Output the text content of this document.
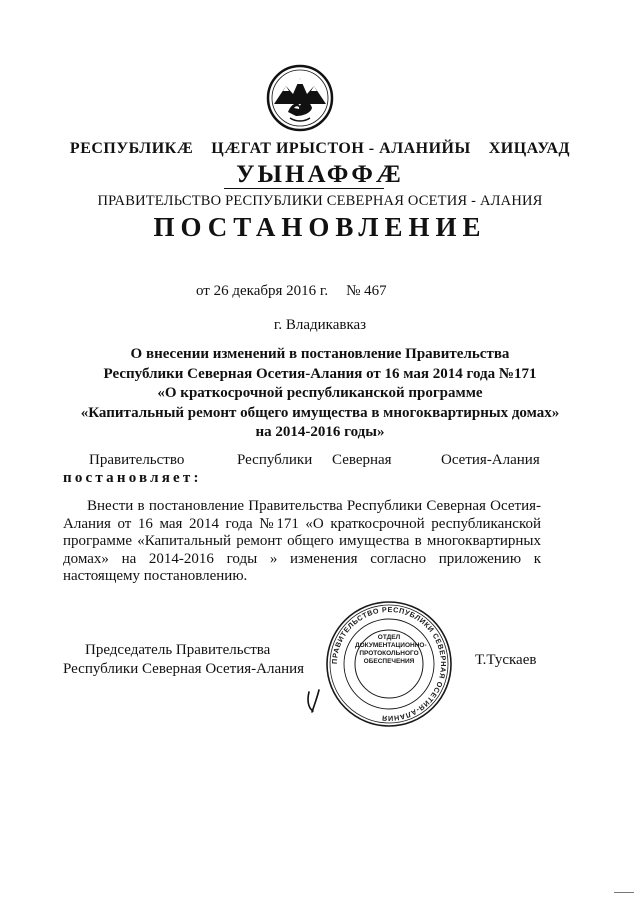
РЕСПУБЛИКӔ ЦӔГАТ ИРЫСТОН - АЛАНИЙЫ ХИЦАУАД
УЫНАФФӔ
ПРАВИТЕЛЬСТВО РЕСПУБЛИКИ СЕВЕРНАЯ ОСЕТИЯ - АЛАНИЯ
ПОСТАНОВЛЕНИЕ
от 26 декабря 2016 г. № 467
г. Владикавказ
О внесении изменений в постановление Правительства
Республики Северная Осетия-Алания от 16 мая 2014 года №171
«О краткосрочной республиканской программе
«Капитальный ремонт общего имущества в многоквартирных домах»
на 2014-2016 годы»
Правительство	Республики Северная	Осетия-Алания
постановляет:
Внести в постановление Правительства Республики Северная Осетия-
Алания от 16 мая 2014 года №171 «О краткосрочной республиканской
программе «Капитальный ремонт общего имущества в многоквартирных
домах» на 2014-2016 годы » изменения согласно приложению к
настоящему постановлению.
Председатель Правительства
Республики Северная Осетия-Алания	ПРАВИТЕЛЬСТВО РЕСПУБЛИКИ СЕВЕРНАЯ ОСЕТИЯ-АЛАНИЯ
ОТДЕЛ
ДОКУМЕНТАЦИОННО-
ПРОТОКОЛЬНОГО
ОБЕСПЕЧЕНИЯ	Т.Тускаев
